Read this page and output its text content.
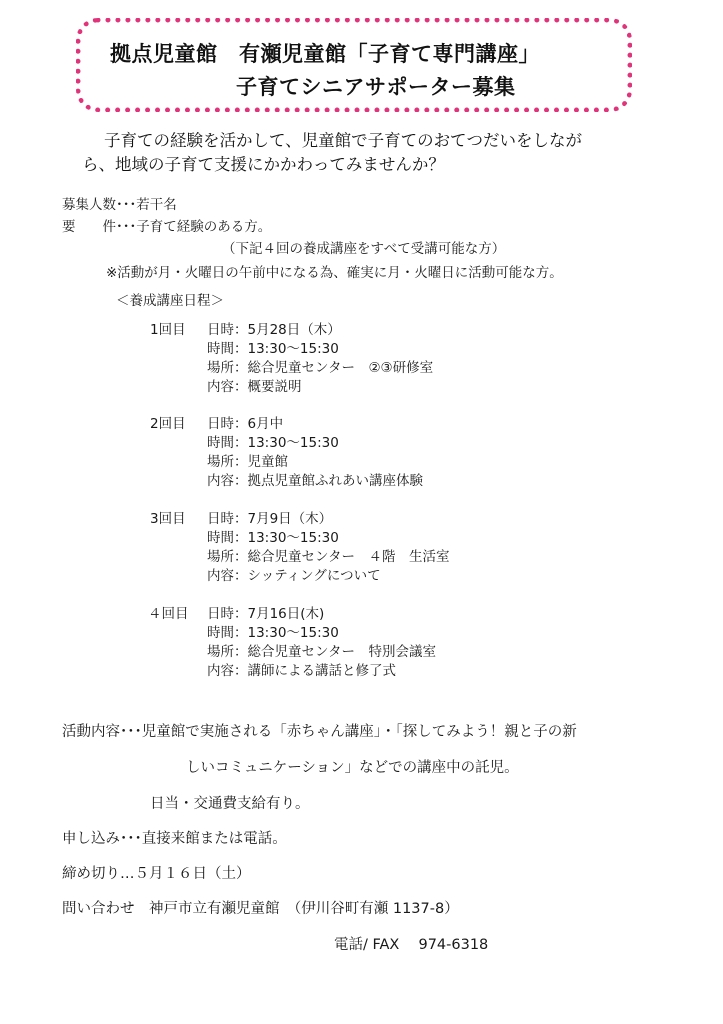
拠点児童館　有瀬児童館「子育て専門講座」
子育てシニアサポーター募集
子育ての経験を活かして、児童館で子育てのおてつだいをしなが
ら、地域の子育て支援にかかわってみませんか？
募集人数･･･ 若干名
要　　件･･･ 子育て経験のある方。
（下記４回の養成講座をすべて受講可能な方）
※活動が月・火曜日の午前中になる為、確実に月・火曜日に活動可能な方。
＜養成講座日程＞
1回目 日時： 5月28日（木）
時間： 13:30～15:30
場所： 総合児童センター　②③研修室
内容： 概要説明
2回目 日時： 6月中
時間： 13:30～15:30
場所： 児童館
内容： 拠点児童館ふれあい講座体験
3回目 日時： 7月9日（木）
時間： 13:30～15:30
場所： 総合児童センター　４階　生活室
内容： シッティングについて
４回目 日時： 7月16日(木)
時間： 13:30～15:30
場所： 総合児童センター　特別会議室
内容： 講師による講話と修了式
活動内容･･･ 児童館で実施される「赤ちゃん講座」・「探してみよう！親と子の新
しいコミュニケーション」などでの講座中の託児。
日当・交通費支給有り。
申し込み･･･直接来館または電話。
締め切り…５月１６日（土）
問い合わせ　神戸市立有瀬児童館　（伊川谷町有瀬 1137-8）
電話/ FAX　 974-6318
